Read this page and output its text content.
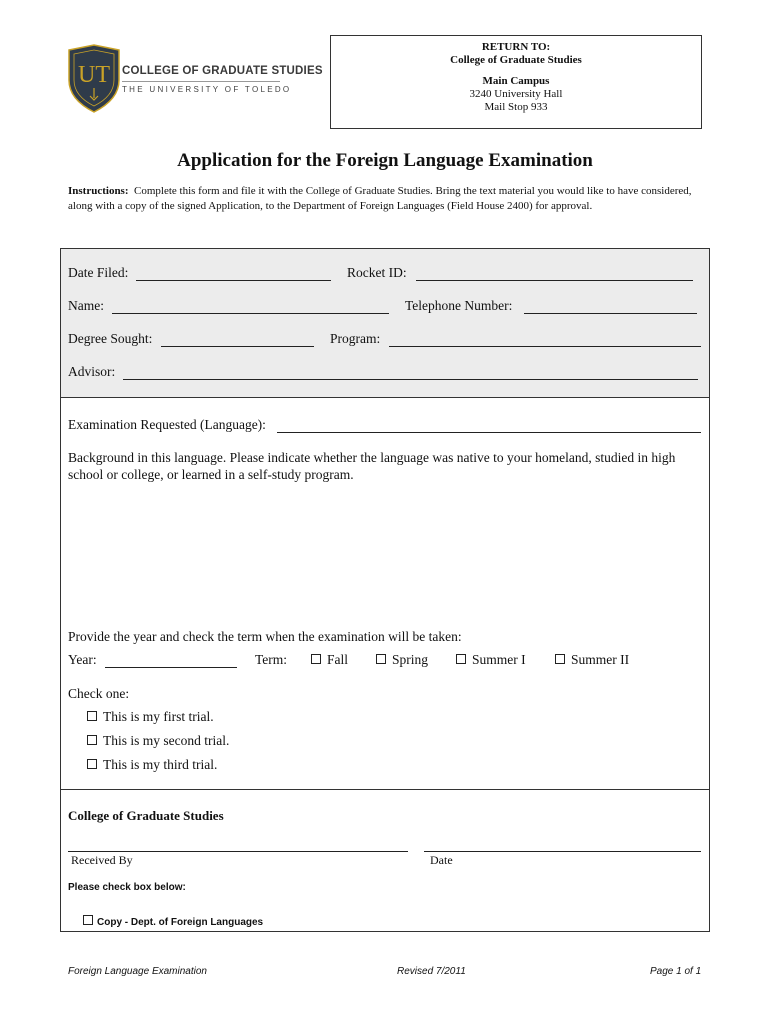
UT COLLEGE OF GRADUATE STUDIES
THE UNIVERSITY OF TOLEDO
RETURN TO:
College of Graduate Studies
Main Campus
3240 University Hall
Mail Stop 933
Application for the Foreign Language Examination
Instructions: Complete this form and file it with the College of Graduate Studies. Bring the text material you would like to have considered, along with a copy of the signed Application, to the Department of Foreign Languages (Field House 2400) for approval.
Date Filed:	Rocket ID:
Name:	Telephone Number:
Degree Sought:	Program:
Advisor:
Examination Requested (Language):
Background in this language. Please indicate whether the language was native to your homeland, studied in high school or college, or learned in a self-study program.
Provide the year and check the term when the examination will be taken:
Year:	Term:	Fall	Spring	Summer I	Summer II
Check one:
This is my first trial.
This is my second trial.
This is my third trial.
College of Graduate Studies
Received By	Date
Please check box below:
Copy - Dept. of Foreign Languages
Foreign Language Examination	Revised 7/2011	Page 1 of 1
